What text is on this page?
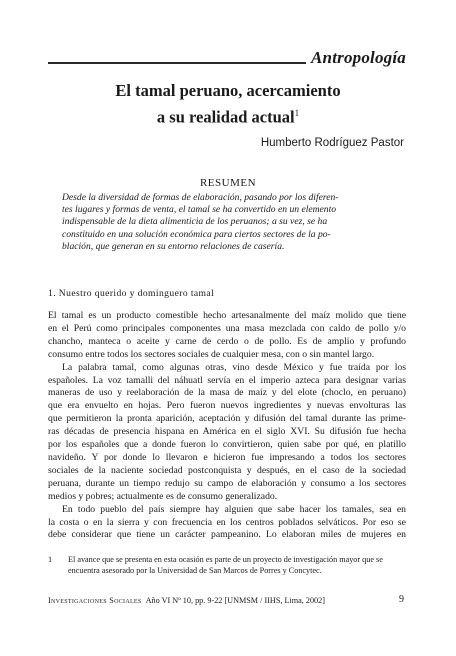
Antropología
El tamal peruano, acercamiento
a su realidad actual$^1$
Humberto Rodríguez Pastor
RESUMEN

Desde la diversidad de formas de elaboración, pasando por los diferen-
tes lugares y formas de venta, el tamal se ha convertido en un elemento
indispensable de la dieta alimenticia de los peruanos; a su vez, se ha
constituido en una solución económica para ciertos sectores de la po-
blación, que generan en su entorno relaciones de casería.

1. Nuestro querido y dominguero tamal

El tamal es un producto comestible hecho artesanalmente del maíz molido que tiene
en el Perú como principales componentes una masa mezclada con caldo de pollo y/o
chancho, manteca o aceite y carne de cerdo o de pollo. Es de amplio y profundo
consumo entre todos los sectores sociales de cualquier mesa, con o sin mantel largo.
La palabra tamal, como algunas otras, vino desde México y fue traída por los
españoles. La voz tamalli del náhuatl servía en el imperio azteca para designar varias
maneras de uso y reelaboración de la masa de maíz y del elote (choclo, en peruano)
que era envuelto en hojas. Pero fueron nuevos ingredientes y nuevas envolturas las
que permitieron la pronta aparición, aceptación y difusión del tamal durante las prime-
ras décadas de presencia hispana en América en el siglo XVI. Su difusión fue hecha
por los españoles que a donde fueron lo convirtieron, quien sabe por qué, en platillo
navideño. Y por donde lo llevaron e hicieron fue impresando a todos los sectores
sociales de la naciente sociedad postconquista y después, en el caso de la sociedad
peruana, durante un tiempo redujo su campo de elaboración y consumo a los sectores
medios y pobres; actualmente es de consumo generalizado.
En todo pueblo del país siempre hay alguien que sabe hacer los tamales, sea en
la costa o en la sierra y con frecuencia en los centros poblados selváticos. Por eso se
debe considerar que tiene un carácter pampeanino. Lo elaboran miles de mujeres en

1 El avance que se presenta en esta ocasión es parte de un proyecto de investigación mayor que se
encuentra asesorado por la Universidad de San Marcos de Porres y Concytec.
Investigaciones Sociales Año VI Nº 10, pp. 9-22 [UNMSM / IIHS, Lima, 2002]	9
